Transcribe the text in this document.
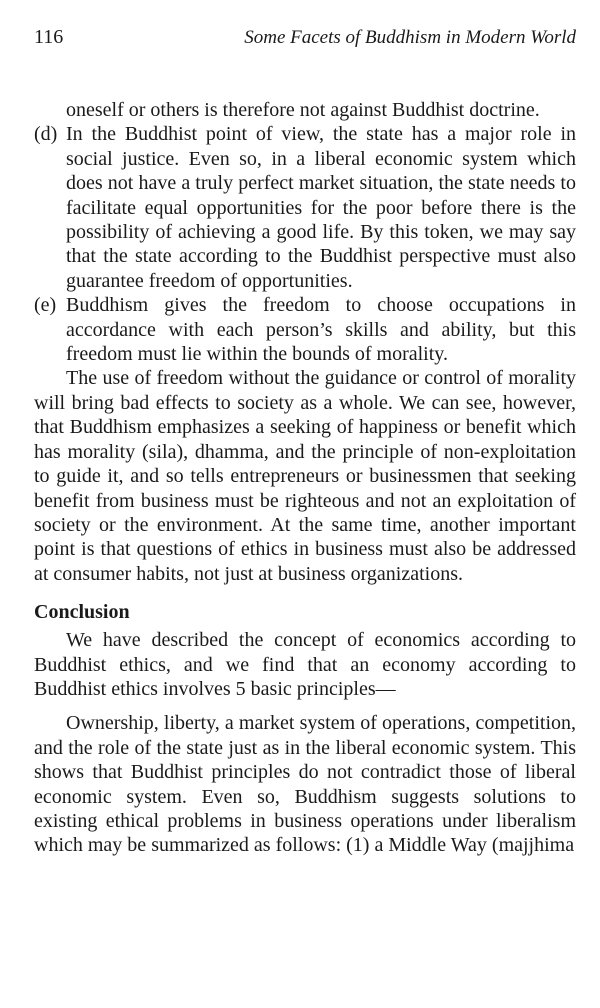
116	Some Facets of Buddhism in Modern World

oneself or others is therefore not against Buddhist doctrine.

(d) In the Buddhist point of view, the state has a major role in social justice. Even so, in a liberal economic system which does not have a truly perfect market situation, the state needs to facilitate equal opportunities for the poor before there is the possibility of achieving a good life. By this token, we may say that the state according to the Buddhist perspective must also guarantee freedom of opportunities.
(e) Buddhism gives the freedom to choose occupations in accordance with each person’s skills and ability, but this freedom must lie within the bounds of morality.

The use of freedom without the guidance or control of morality will bring bad effects to society as a whole. We can see, however, that Buddhism emphasizes a seeking of happiness or benefit which has morality (sila), dhamma, and the principle of non-exploitation to guide it, and so tells entrepreneurs or businessmen that seeking benefit from business must be righteous and not an exploitation of society or the environment. At the same time, another important point is that questions of ethics in business must also be addressed at consumer habits, not just at business organizations.

Conclusion

We have described the concept of economics according to Buddhist ethics, and we find that an economy according to Buddhist ethics involves 5 basic principles—

Ownership, liberty, a market system of operations, competition, and the role of the state just as in the liberal economic system. This shows that Buddhist principles do not contradict those of liberal economic system. Even so, Buddhism suggests solutions to existing ethical problems in business operations under liberalism which may be summarized as follows: (1) a Middle Way (majjhima
